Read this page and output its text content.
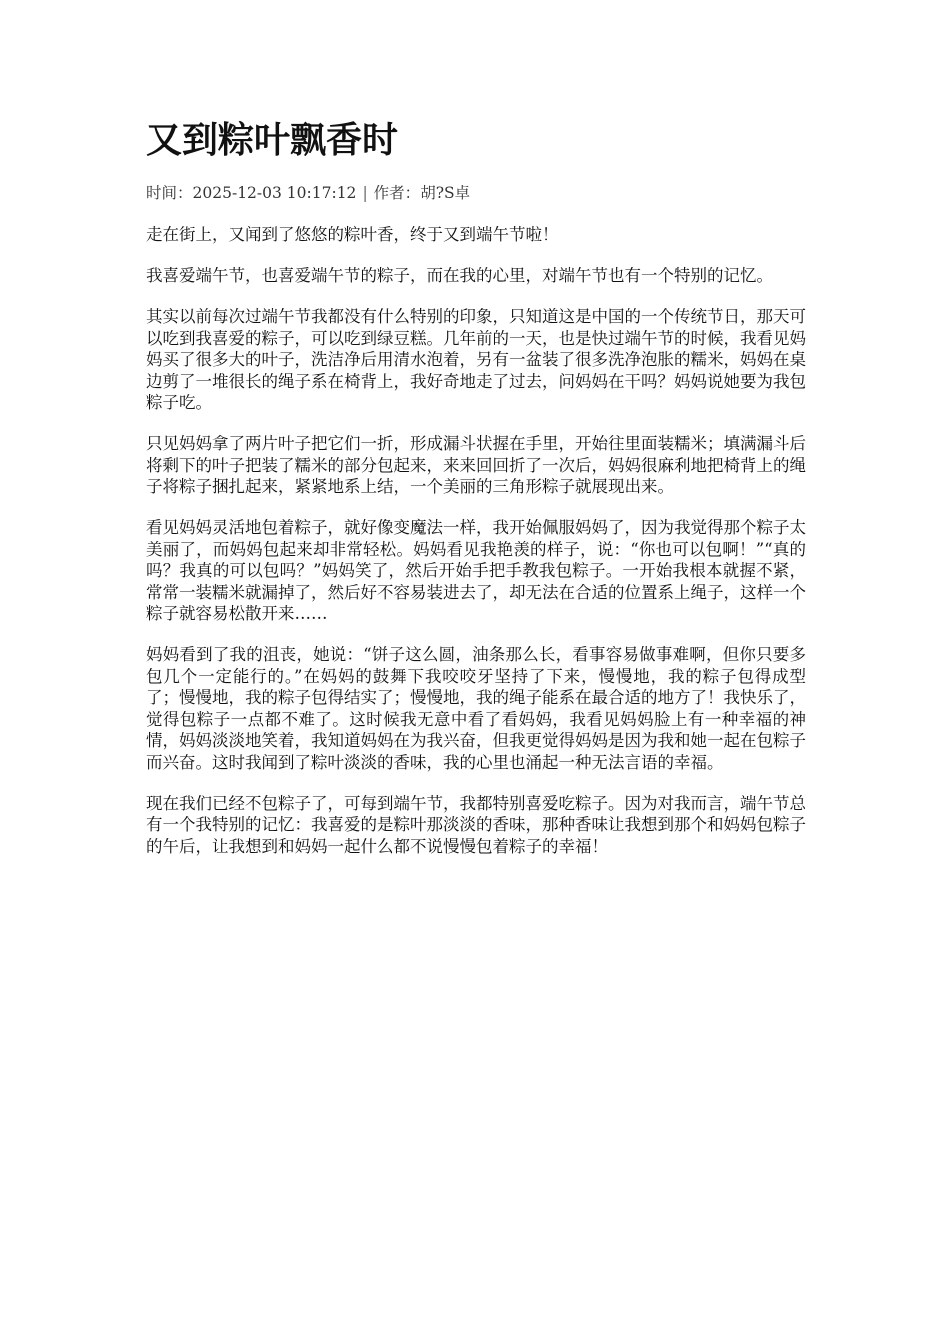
又到粽叶飘香时
时间：2025-12-03 10:17:12 | 作者：胡?S卓

走在街上，又闻到了悠悠的粽叶香，终于又到端午节啦！

我喜爱端午节，也喜爱端午节的粽子，而在我的心里，对端午节也有一个特别的记忆。

其实以前每次过端午节我都没有什么特别的印象，只知道这是中国的一个传统节日，那天可以吃到我喜爱的粽子，可以吃到绿豆糕。几年前的一天，也是快过端午节的时候，我看见妈妈买了很多大的叶子，洗洁净后用清水泡着，另有一盆装了很多洗净泡胀的糯米，妈妈在桌边剪了一堆很长的绳子系在椅背上，我好奇地走了过去，问妈妈在干吗？妈妈说她要为我包粽子吃。

只见妈妈拿了两片叶子把它们一折，形成漏斗状握在手里，开始往里面装糯米；填满漏斗后将剩下的叶子把装了糯米的部分包起来，来来回回折了一次后，妈妈很麻利地把椅背上的绳子将粽子捆扎起来，紧紧地系上结，一个美丽的三角形粽子就展现出来。

看见妈妈灵活地包着粽子，就好像变魔法一样，我开始佩服妈妈了，因为我觉得那个粽子太美丽了，而妈妈包起来却非常轻松。妈妈看见我艳羡的样子，说：“你也可以包啊！”“真的吗？我真的可以包吗？”妈妈笑了，然后开始手把手教我包粽子。一开始我根本就握不紧，常常一装糯米就漏掉了，然后好不容易装进去了，却无法在合适的位置系上绳子，这样一个粽子就容易松散开来……

妈妈看到了我的沮丧，她说：“饼子这么圆，油条那么长，看事容易做事难啊，但你只要多包几个一定能行的。”在妈妈的鼓舞下我咬咬牙坚持了下来，慢慢地，我的粽子包得成型了；慢慢地，我的粽子包得结实了；慢慢地，我的绳子能系在最合适的地方了！我快乐了，觉得包粽子一点都不难了。这时候我无意中看了看妈妈，我看见妈妈脸上有一种幸福的神情，妈妈淡淡地笑着，我知道妈妈在为我兴奋，但我更觉得妈妈是因为我和她一起在包粽子而兴奋。这时我闻到了粽叶淡淡的香味，我的心里也涌起一种无法言语的幸福。

现在我们已经不包粽子了，可每到端午节，我都特别喜爱吃粽子。因为对我而言，端午节总有一个我特别的记忆：我喜爱的是粽叶那淡淡的香味，那种香味让我想到那个和妈妈包粽子的午后，让我想到和妈妈一起什么都不说慢慢包着粽子的幸福！
